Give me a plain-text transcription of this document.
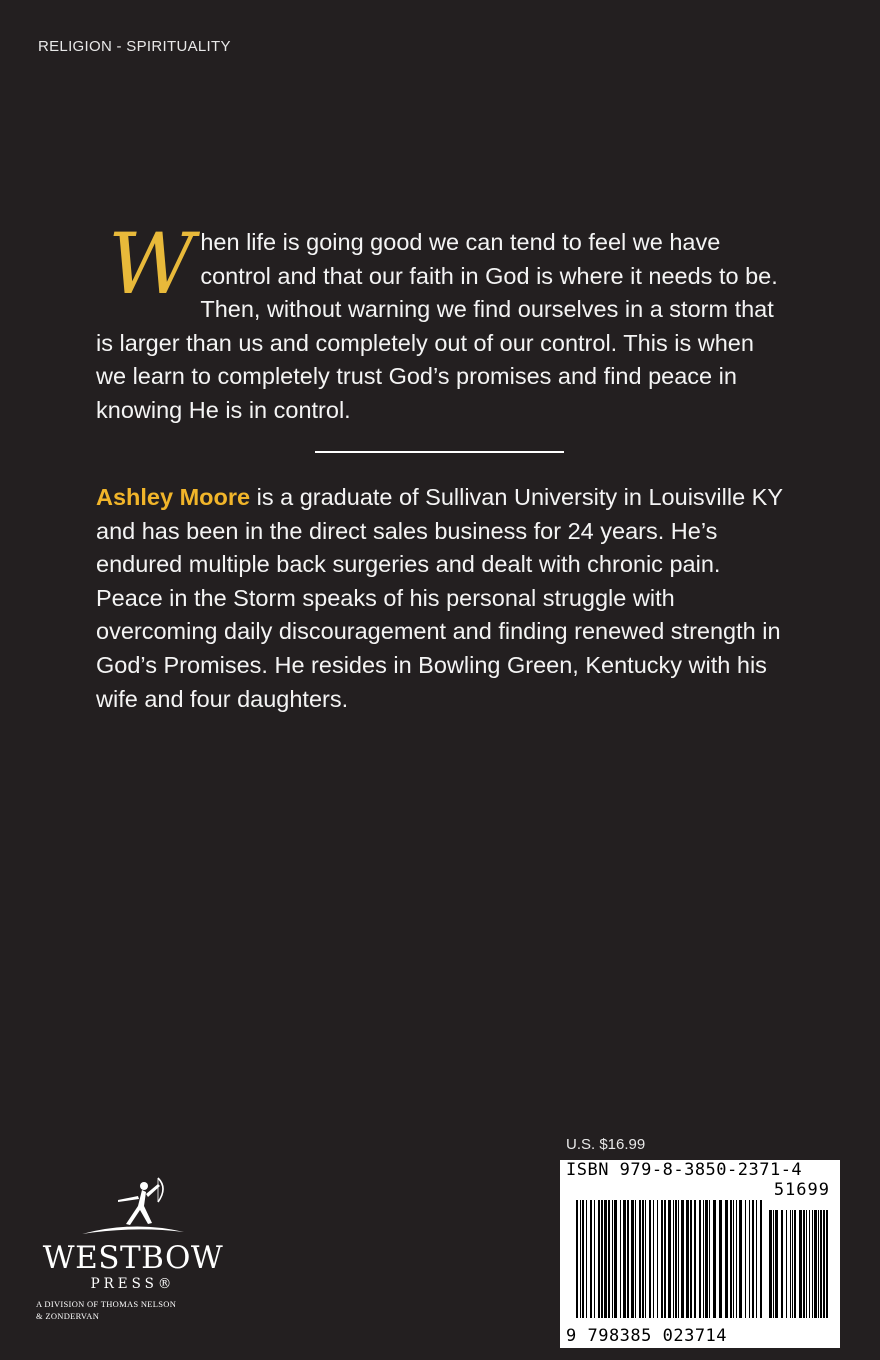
RELIGION - SPIRITUALITY
W hen life is going good we can tend to feel we have control and that our faith in God is where it needs to be. Then, without warning we find ourselves in a storm that is larger than us and completely out of our control. This is when we learn to completely trust God’s promises and find peace in knowing He is in control.
Ashley Moore is a graduate of Sullivan University in Louisville KY and has been in the direct sales business for 24 years. He’s endured multiple back surgeries and dealt with chronic pain. Peace in the Storm speaks of his personal struggle with overcoming daily discouragement and finding renewed strength in God’s Promises. He resides in Bowling Green, Kentucky with his wife and four daughters.
U.S. $16.99
ISBN 979-8-3850-2371-4
51699
9 798385 023714
WESTBOW
PRESS®
A DIVISION OF THOMAS NELSON
& ZONDERVAN
